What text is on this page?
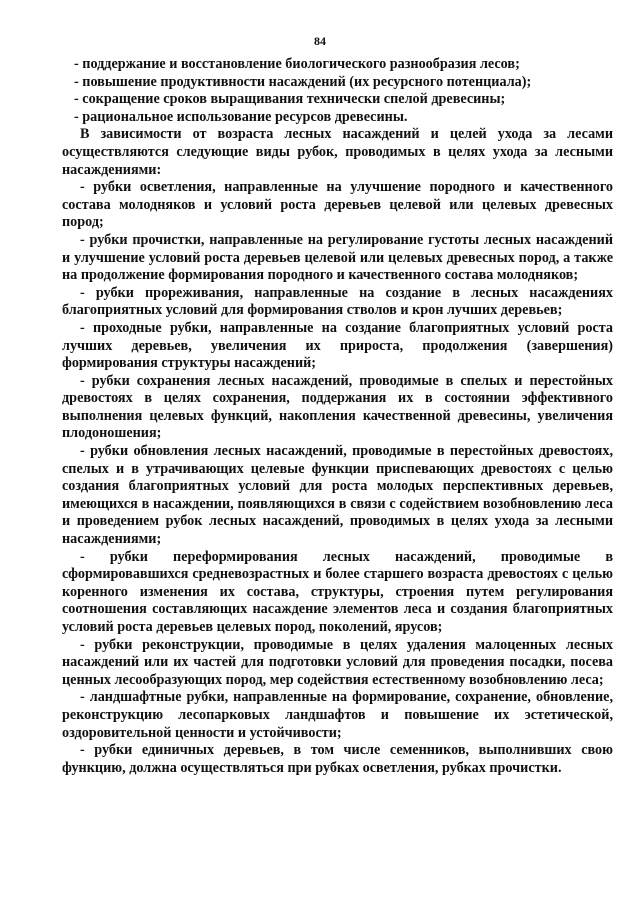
84

- поддержание и восстановление биологического разнообразия лесов;

- повышение продуктивности насаждений (их ресурсного потенциала);

- сокращение сроков выращивания технически спелой древесины;

- рациональное использование ресурсов древесины.

В зависимости от возраста лесных насаждений и целей ухода за лесами осуществляются следующие виды рубок, проводимых в целях ухода за лесными насаждениями:

- рубки осветления, направленные на улучшение породного и качественного состава молодняков и условий роста деревьев целевой или целевых древесных пород;

- рубки прочистки, направленные на регулирование густоты лесных насаждений и улучшение условий роста деревьев целевой или целевых древесных пород, а также на продолжение формирования породного и качественного состава молодняков;

- рубки прореживания, направленные на создание в лесных насаждениях благоприятных условий для формирования стволов и крон лучших деревьев;

- проходные рубки, направленные на создание благоприятных условий роста лучших деревьев, увеличения их прироста, продолжения (завершения) формирования структуры насаждений;

- рубки сохранения лесных насаждений, проводимые в спелых и перестойных древостоях в целях сохранения, поддержания их в состоянии эффективного выполнения целевых функций, накопления качественной древесины, увеличения плодоношения;

- рубки обновления лесных насаждений, проводимые в перестойных древостоях, спелых и в утрачивающих целевые функции приспевающих древостоях с целью создания благоприятных условий для роста молодых перспективных деревьев, имеющихся в насаждении, появляющихся в связи с содействием возобновлению леса и проведением рубок лесных насаждений, проводимых в целях ухода за лесными насаждениями;

- рубки переформирования лесных насаждений, проводимые в сформировавшихся средневозрастных и более старшего возраста древостоях с целью коренного изменения их состава, структуры, строения путем регулирования соотношения составляющих насаждение элементов леса и создания благоприятных условий роста деревьев целевых пород, поколений, ярусов;

- рубки реконструкции, проводимые в целях удаления малоценных лесных насаждений или их частей для подготовки условий для проведения посадки, посева ценных лесообразующих пород, мер содействия естественному возобновлению леса;

- ландшафтные рубки, направленные на формирование, сохранение, обновление, реконструкцию лесопарковых ландшафтов и повышение их эстетической, оздоровительной ценности и устойчивости;

- рубки единичных деревьев, в том числе семенников, выполнивших свою функцию, должна осуществляться при рубках осветления, рубках прочистки.
